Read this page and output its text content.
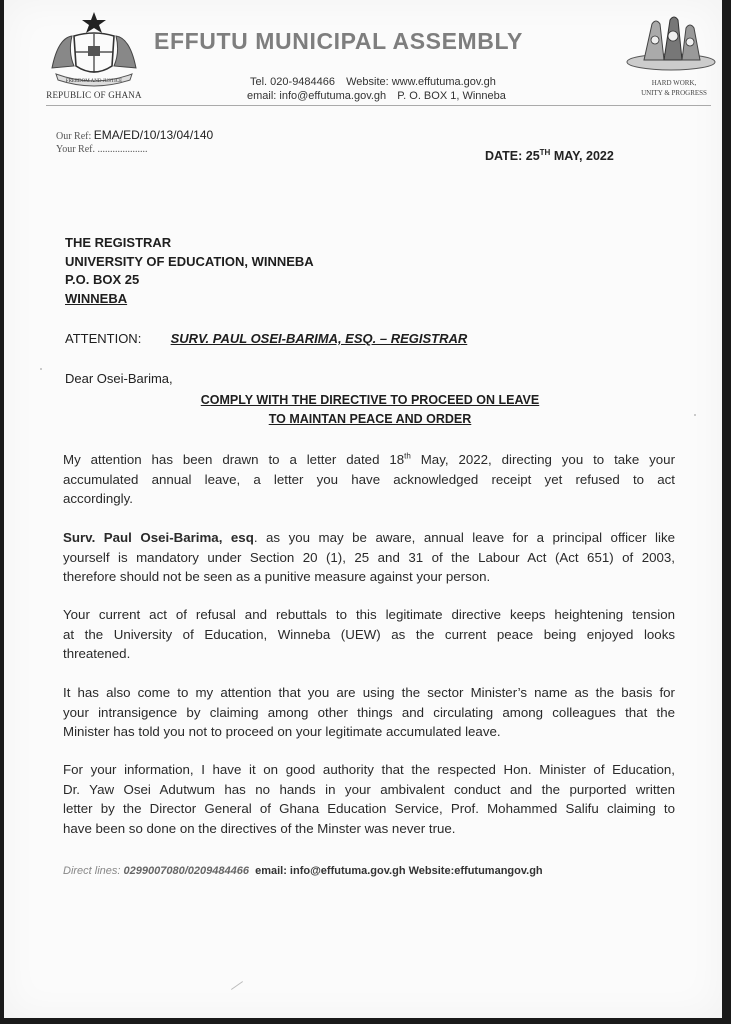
FREEDOM AND JUSTICE
REPUBLIC OF GHANA
EFFUTU MUNICIPAL ASSEMBLY
Tel. 020-9484466 Website: www.effutuma.gov.gh
email: info@effutuma.gov.gh P. O. BOX 1, Winneba
HARD WORK,
UNITY & PROGRESS
Our Ref: EMA/ED/10/13/04/140
Your Ref. ....................	DATE: 25TH MAY, 2022
THE REGISTRAR
UNIVERSITY OF EDUCATION, WINNEBA
P.O. BOX 25
WINNEBA
ATTENTION: SURV. PAUL OSEI-BARIMA, ESQ. – REGISTRAR
Dear Osei-Barima,
COMPLY WITH THE DIRECTIVE TO PROCEED ON LEAVE
TO MAINTAN PEACE AND ORDER
My attention has been drawn to a letter dated 18th May, 2022, directing you to take your
accumulated annual leave, a letter you have acknowledged receipt yet refused to act
accordingly.
Surv. Paul Osei-Barima, esq. as you may be aware, annual leave for a principal officer like
yourself is mandatory under Section 20 (1), 25 and 31 of the Labour Act (Act 651) of 2003,
therefore should not be seen as a punitive measure against your person.
Your current act of refusal and rebuttals to this legitimate directive keeps heightening tension
at the University of Education, Winneba (UEW) as the current peace being enjoyed looks
threatened.
It has also come to my attention that you are using the sector Minister’s name as the basis for
your intransigence by claiming among other things and circulating among colleagues that the
Minister has told you not to proceed on your legitimate accumulated leave.
For your information, I have it on good authority that the respected Hon. Minister of Education,
Dr. Yaw Osei Adutwum has no hands in your ambivalent conduct and the purported written
letter by the Director General of Ghana Education Service, Prof. Mohammed Salifu claiming to
have been so done on the directives of the Minster was never true.
Direct lines: 0299007080/0209484466 email: info@effutuma.gov.gh Website:effutumangov.gh
